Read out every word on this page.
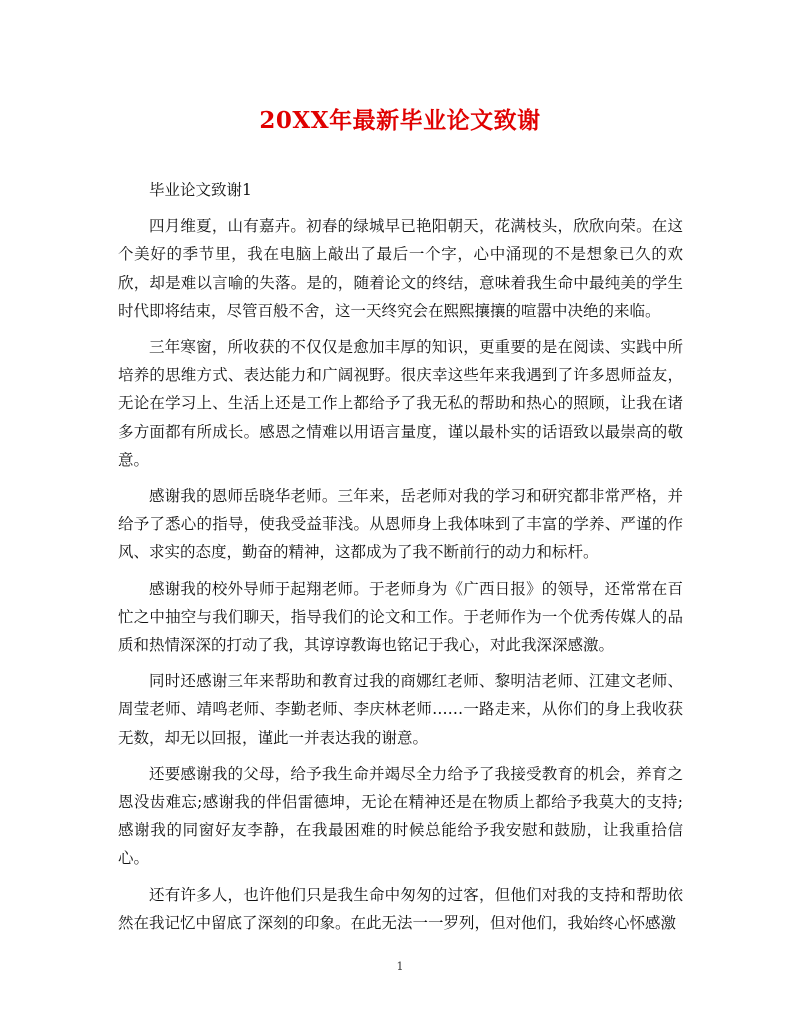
20XX年最新毕业论文致谢

毕业论文致谢1

四月维夏，山有嘉卉。初春的绿城早已艳阳朝天，花满枝头，欣欣向荣。在这个美好的季节里，我在电脑上敲出了最后一个字，心中涌现的不是想象已久的欢欣，却是难以言喻的失落。是的，随着论文的终结，意味着我生命中最纯美的学生时代即将结束，尽管百般不舍，这一天终究会在熙熙攘攘的喧嚣中决绝的来临。

三年寒窗，所收获的不仅仅是愈加丰厚的知识，更重要的是在阅读、实践中所培养的思维方式、表达能力和广阔视野。很庆幸这些年来我遇到了许多恩师益友，无论在学习上、生活上还是工作上都给予了我无私的帮助和热心的照顾，让我在诸多方面都有所成长。感恩之情难以用语言量度，谨以最朴实的话语致以最崇高的敬意。

感谢我的恩师岳晓华老师。三年来，岳老师对我的学习和研究都非常严格，并给予了悉心的指导，使我受益菲浅。从恩师身上我体味到了丰富的学养、严谨的作风、求实的态度，勤奋的精神，这都成为了我不断前行的动力和标杆。

感谢我的校外导师于起翔老师。于老师身为《广西日报》的领导，还常常在百忙之中抽空与我们聊天，指导我们的论文和工作。于老师作为一个优秀传媒人的品质和热情深深的打动了我，其谆谆教诲也铭记于我心，对此我深深感激。

同时还感谢三年来帮助和教育过我的商娜红老师、黎明洁老师、江建文老师、周莹老师、靖鸣老师、李勤老师、李庆林老师……一路走来，从你们的身上我收获无数，却无以回报，谨此一并表达我的谢意。

还要感谢我的父母，给予我生命并竭尽全力给予了我接受教育的机会，养育之恩没齿难忘;感谢我的伴侣雷德坤，无论在精神还是在物质上都给予我莫大的支持;感谢我的同窗好友李静，在我最困难的时候总能给予我安慰和鼓励，让我重拾信心。

还有许多人，也许他们只是我生命中匆匆的过客，但他们对我的支持和帮助依然在我记忆中留底了深刻的印象。在此无法一一罗列，但对他们，我始终心怀感激

1
